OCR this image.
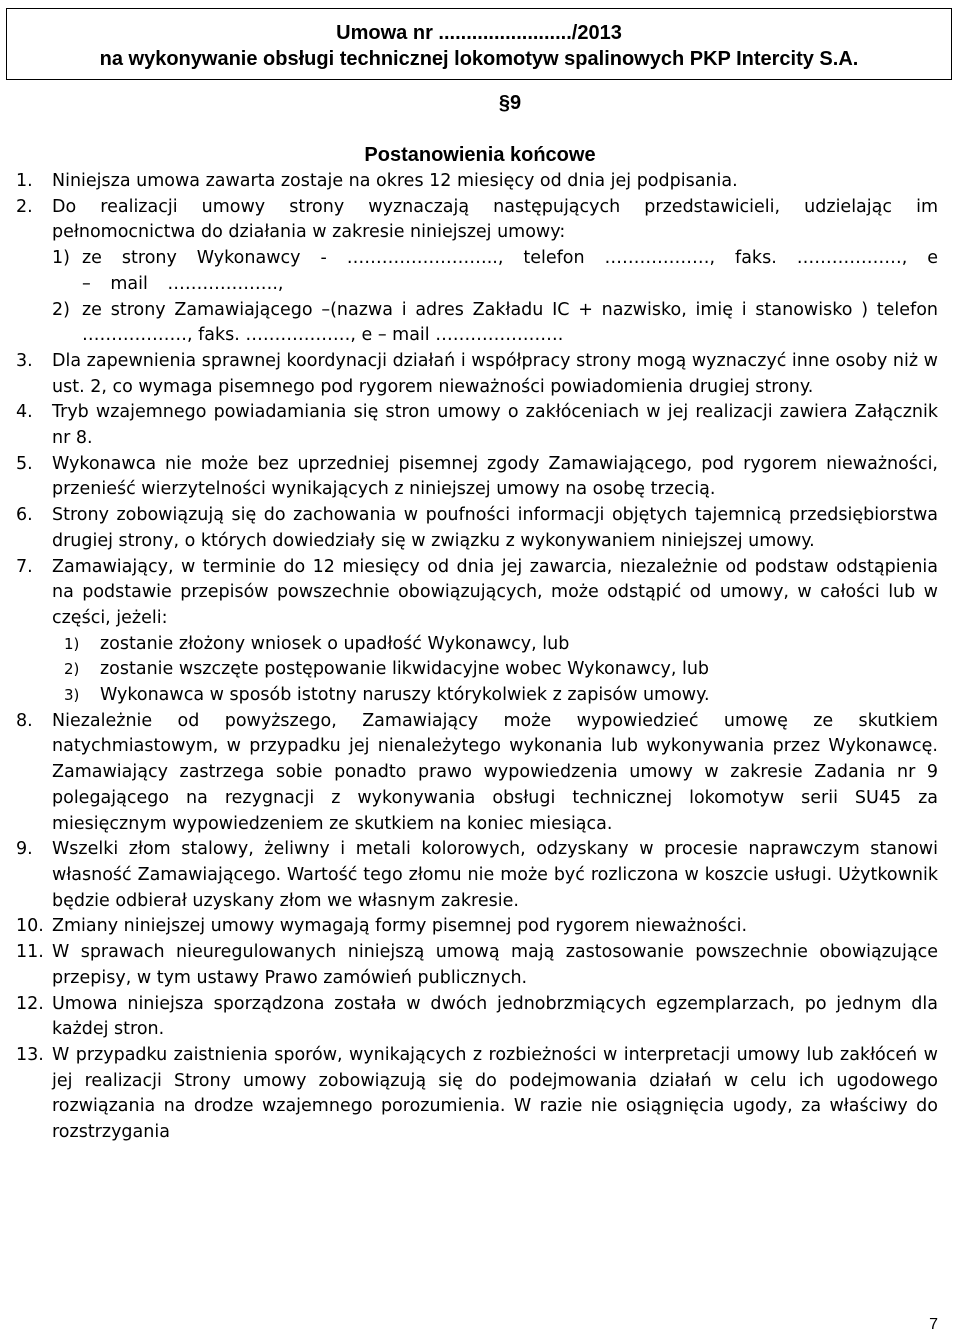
Umowa nr ......................../2013
na wykonywanie obsługi technicznej lokomotyw spalinowych PKP Intercity S.A.
§9
Postanowienia końcowe
1. Niniejsza umowa zawarta zostaje na okres 12 miesięcy od dnia jej podpisania.
2. Do realizacji umowy strony wyznaczają następujących przedstawicieli, udzielając im pełnomocnictwa do działania w zakresie niniejszej umowy:
1) ze strony Wykonawcy - …………………….., telefon ………………, faks. ………………, e – mail ……………….,
2) ze strony Zamawiającego –(nazwa i adres Zakładu IC + nazwisko, imię i stanowisko ) telefon ………………, faks. ………………, e – mail ………………….
3. Dla zapewnienia sprawnej koordynacji działań i współpracy strony mogą wyznaczyć inne osoby niż w ust. 2, co wymaga pisemnego pod rygorem nieważności powiadomienia drugiej strony.
4. Tryb wzajemnego powiadamiania się stron umowy o zakłóceniach w jej realizacji zawiera Załącznik nr 8.
5. Wykonawca nie może bez uprzedniej pisemnej zgody Zamawiającego, pod rygorem nieważności, przenieść wierzytelności wynikających z niniejszej umowy na osobę trzecią.
6. Strony zobowiązują się do zachowania w poufności informacji objętych tajemnicą przedsiębiorstwa drugiej strony, o których dowiedziały się w związku z wykonywaniem niniejszej umowy.
7. Zamawiający, w terminie do 12 miesięcy od dnia jej zawarcia, niezależnie od podstaw odstąpienia na podstawie przepisów powszechnie obowiązujących, może odstąpić od umowy, w całości lub w części, jeżeli:
1) zostanie złożony wniosek o upadłość Wykonawcy, lub
2) zostanie wszczęte postępowanie likwidacyjne wobec Wykonawcy, lub
3) Wykonawca w sposób istotny naruszy którykolwiek z zapisów umowy.
8. Niezależnie od powyższego, Zamawiający może wypowiedzieć umowę ze skutkiem natychmiastowym, w przypadku jej nienależytego wykonania lub wykonywania przez Wykonawcę. Zamawiający zastrzega sobie ponadto prawo wypowiedzenia umowy w zakresie Zadania nr 9 polegającego na rezygnacji z wykonywania obsługi technicznej lokomotyw serii SU45 za miesięcznym wypowiedzeniem ze skutkiem na koniec miesiąca.
9. Wszelki złom stalowy, żeliwny i metali kolorowych, odzyskany w procesie naprawczym stanowi własność Zamawiającego. Wartość tego złomu nie może być rozliczona w koszcie usługi. Użytkownik będzie odbierał uzyskany złom we własnym zakresie.
10. Zmiany niniejszej umowy wymagają formy pisemnej pod rygorem nieważności.
11. W sprawach nieuregulowanych niniejszą umową mają zastosowanie powszechnie obowiązujące przepisy, w tym ustawy Prawo zamówień publicznych.
12. Umowa niniejsza sporządzona została w dwóch jednobrzmiących egzemplarzach, po jednym dla każdej stron.
13. W przypadku zaistnienia sporów, wynikających z rozbieżności w interpretacji umowy lub zakłóceń w jej realizacji Strony umowy zobowiązują się do podejmowania działań w celu ich ugodowego rozwiązania na drodze wzajemnego porozumienia. W razie nie osiągnięcia ugody, za właściwy do rozstrzygania
7
